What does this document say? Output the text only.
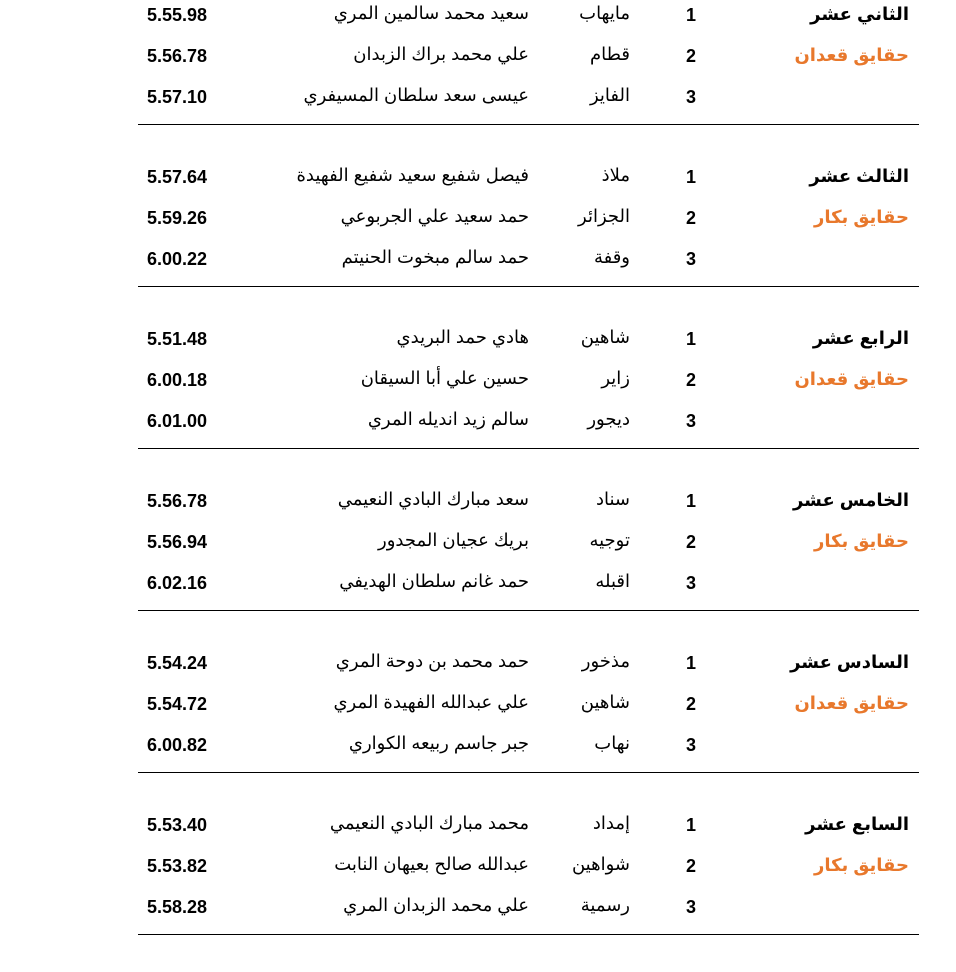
الثاني عشر
حقايق قعدان
1
مايهاب
سعيد محمد سالمين المري
5.55.98
2
قطام
علي محمد براك الزبدان
5.56.78
3
الفايز
عيسى سعد سلطان المسيفري
5.57.10
الثالث عشر
حقايق بكار
1
ملاذ
فيصل شفيع سعيد شفيع الفهيدة
5.57.64
2
الجزائر
حمد سعيد علي الجربوعي
5.59.26
3
وقفة
حمد سالم مبخوت الحنيتم
6.00.22
الرابع عشر
حقايق قعدان
1
شاهين
هادي حمد البريدي
5.51.48
2
زاير
حسين علي أبا السيقان
6.00.18
3
ديجور
سالم زيد انديله المري
6.01.00
الخامس عشر
حقايق بكار
1
سناد
سعد مبارك البادي النعيمي
5.56.78
2
توجيه
بريك عجيان المجدور
5.56.94
3
اقبله
حمد غانم سلطان الهديفي
6.02.16
السادس عشر
حقايق قعدان
1
مذخور
حمد محمد بن دوحة المري
5.54.24
2
شاهين
علي عبدالله الفهيدة المري
5.54.72
3
نهاب
جبر جاسم ربيعه الكواري
6.00.82
السابع عشر
حقايق بكار
1
إمداد
محمد مبارك البادي النعيمي
5.53.40
2
شواهين
عبدالله صالح بعيهان النابت
5.53.82
3
رسمية
علي محمد الزبدان المري
5.58.28
